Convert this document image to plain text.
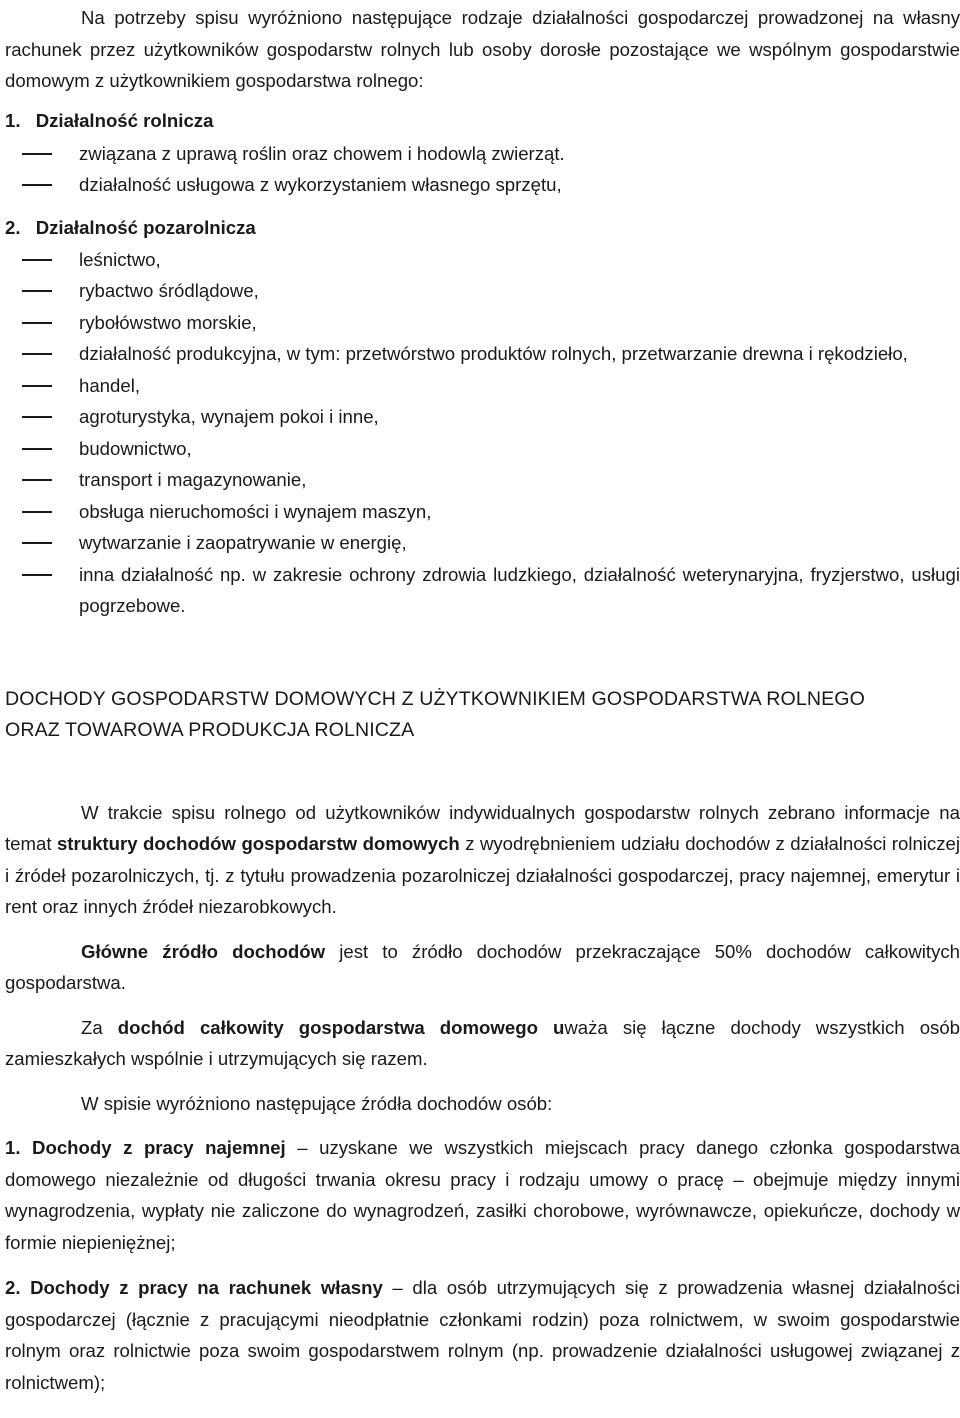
Na potrzeby spisu wyróżniono następujące rodzaje działalności gospodarczej prowadzonej na własny rachunek przez użytkowników gospodarstw rolnych lub osoby dorosłe pozostające we wspólnym gospodarstwie domowym z użytkownikiem gospodarstwa rolnego:

1. Działalność rolnicza

związana z uprawą roślin oraz chowem i hodowlą zwierząt.
działalność usługowa z wykorzystaniem własnego sprzętu,

2. Działalność pozarolnicza

leśnictwo,
rybactwo śródlądowe,
rybołówstwo morskie,
działalność produkcyjna, w tym: przetwórstwo produktów rolnych, przetwarzanie drewna i rękodzieło,
handel,
agroturystyka, wynajem pokoi i inne,
budownictwo,
transport i magazynowanie,
obsługa nieruchomości i wynajem maszyn,
wytwarzanie i zaopatrywanie w energię,
inna działalność np. w zakresie ochrony zdrowia ludzkiego, działalność weterynaryjna, fryzjerstwo, usługi pogrzebowe.

DOCHODY GOSPODARSTW DOMOWYCH Z UŻYTKOWNIKIEM GOSPODARSTWA ROLNEGO

ORAZ TOWAROWA PRODUKCJA ROLNICZA

W trakcie spisu rolnego od użytkowników indywidualnych gospodarstw rolnych zebrano informacje na temat struktury dochodów gospodarstw domowych z wyodrębnieniem udziału dochodów z działalności rolniczej i źródeł pozarolniczych, tj. z tytułu prowadzenia pozarolniczej działalności gospodarczej, pracy najemnej, emerytur i rent oraz innych źródeł niezarobkowych.

Główne źródło dochodów jest to źródło dochodów przekraczające 50% dochodów całkowitych gospodarstwa.

Za dochód całkowity gospodarstwa domowego uważа się łączne dochody wszystkich osób zamieszkałych wspólnie i utrzymujących się razem.

W spisie wyróżniono następujące źródła dochodów osób:

1. Dochody z pracy najemnej – uzyskane we wszystkich miejscach pracy danego członka gospodarstwa domowego niezależnie od długości trwania okresu pracy i rodzaju umowy o pracę – obejmuje między innymi wynagrodzenia, wypłaty nie zaliczone do wynagrodzeń, zasiłki chorobowe, wyrównawcze, opiekuńcze, dochody w formie niepieniężnej;

2. Dochody z pracy na rachunek własny – dla osób utrzymujących się z prowadzenia własnej działalności gospodarczej (łącznie z pracującymi nieodpłatnie członkami rodzin) poza rolnictwem, w swoim gospodarstwie rolnym oraz rolnictwie poza swoim gospodarstwem rolnym (np. prowadzenie działalności usługowej związanej z rolnictwem);
